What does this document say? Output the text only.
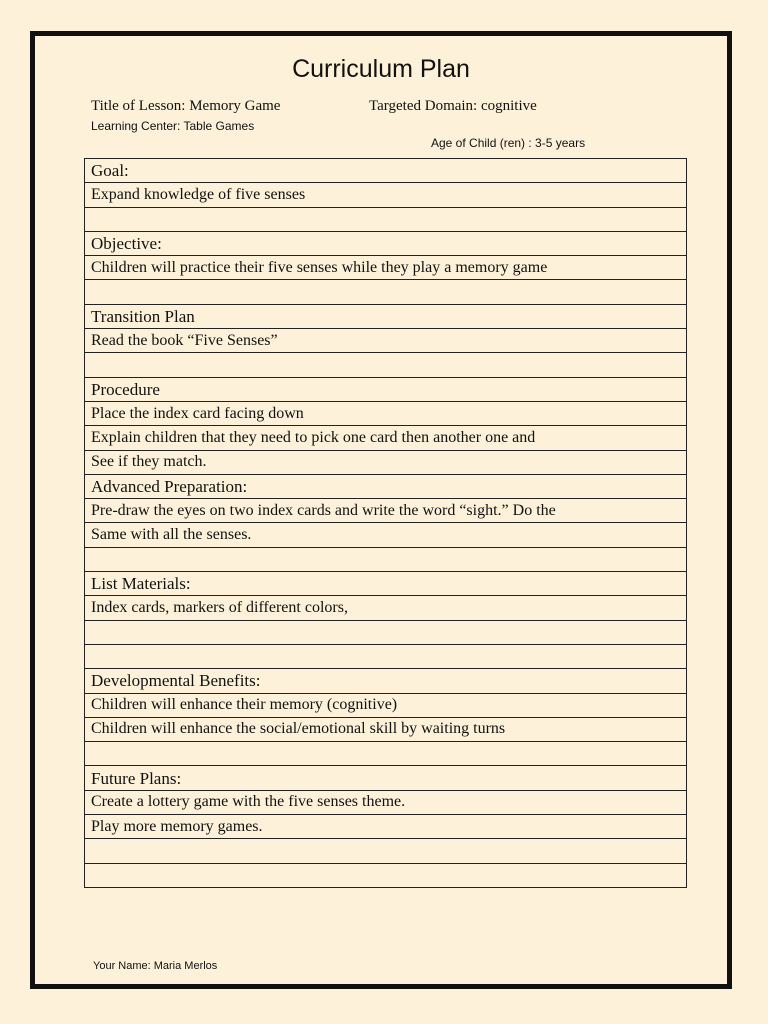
Curriculum Plan
Title of Lesson: Memory Game	Targeted Domain: cognitive
Learning Center: Table Games
Age of Child (ren) : 3-5 years
Goal:
Expand knowledge of five senses

Objective:
Children will practice their five senses while they play a memory game

Transition Plan
Read the book “Five Senses”

Procedure
Place the index card facing down
Explain children that they need to pick one card then another one and
See if they match.
Advanced Preparation:
Pre-draw the eyes on two index cards and write the word “sight.” Do the
Same with all the senses.

List Materials:
Index cards, markers of different colors,

Developmental Benefits:
Children will enhance their memory (cognitive)
Children will enhance the social/emotional skill by waiting turns

Future Plans:
Create a lottery game with the five senses theme.
Play more memory games.

Your Name: Maria Merlos
